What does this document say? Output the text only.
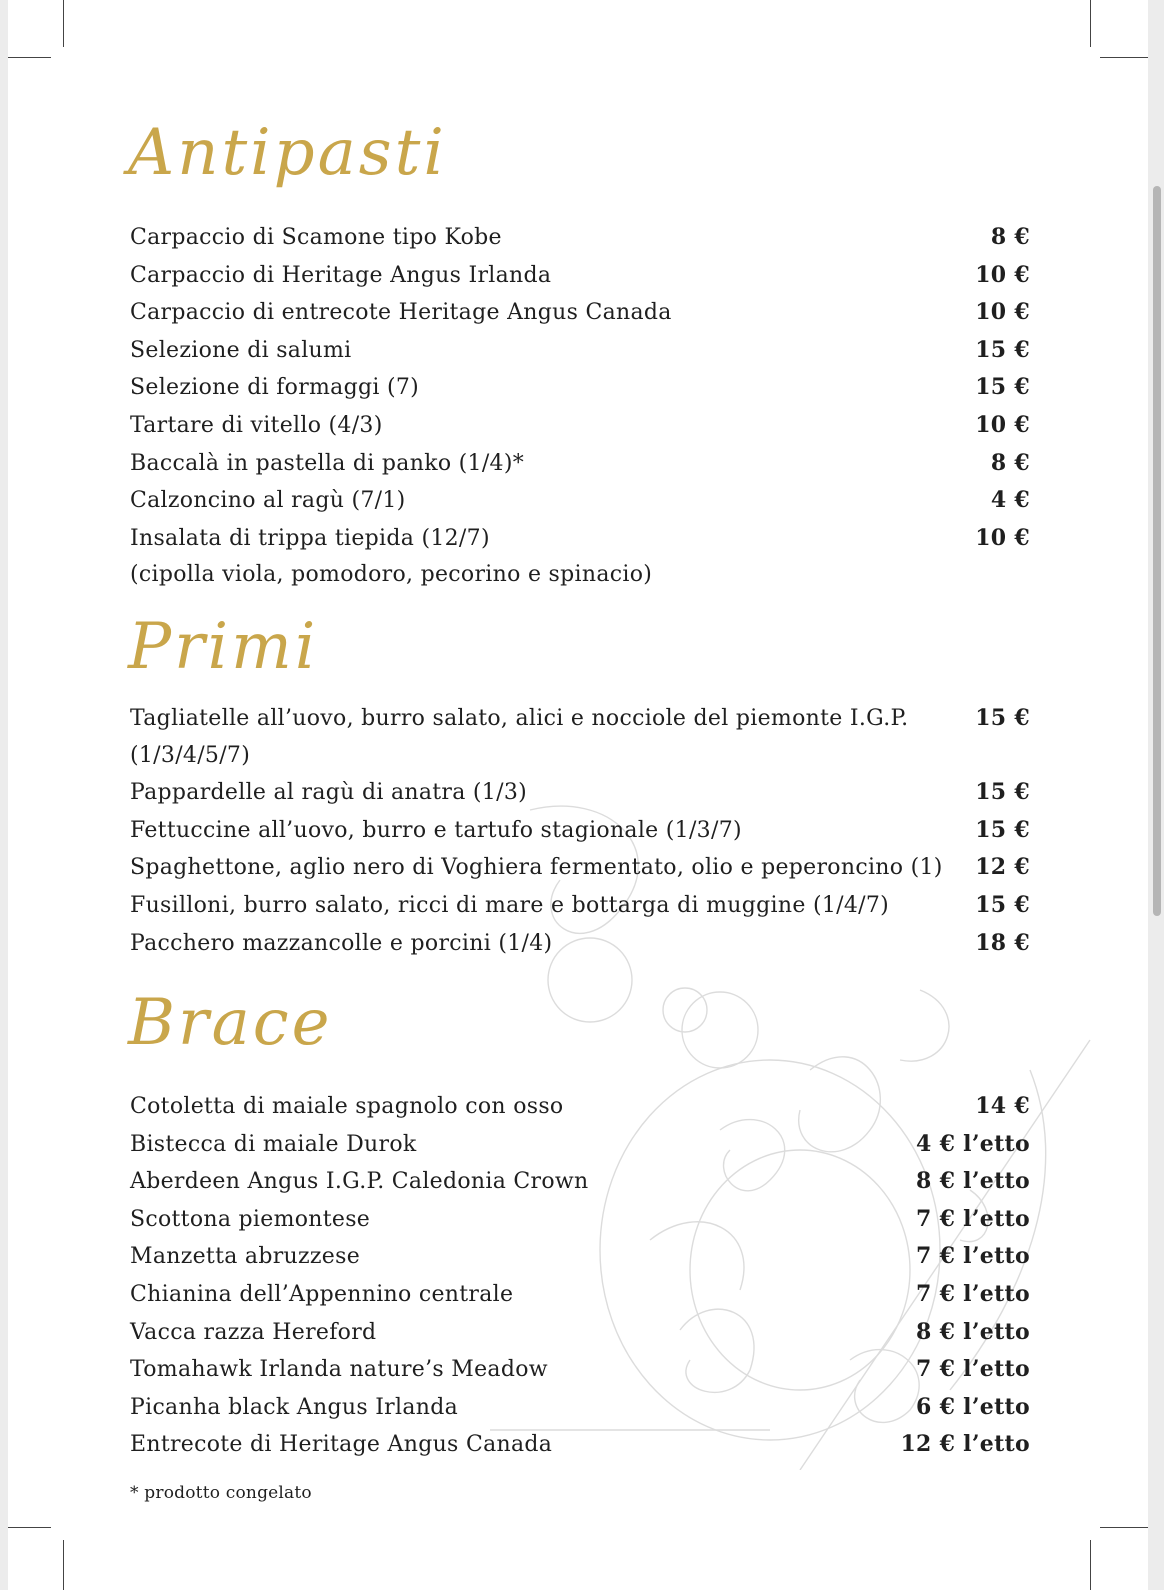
Antipasti
Carpaccio di Scamone tipo Kobe	8 €
Carpaccio di Heritage Angus Irlanda	10 €
Carpaccio di entrecote Heritage Angus Canada	10 €
Selezione di salumi	15 €
Selezione di formaggi (7)	15 €
Tartare di vitello (4/3)	10 €
Baccalà in pastella di panko (1/4)*	8 €
Calzoncino al ragù (7/1)	4 €
Insalata di trippa tiepida (12/7)	10 €
(cipolla viola, pomodoro, pecorino e spinacio)
Primi
Tagliatelle all’uovo, burro salato, alici e nocciole del piemonte I.G.P.	15 €
(1/3/4/5/7)
Pappardelle al ragù di anatra (1/3)	15 €
Fettuccine all’uovo, burro e tartufo stagionale (1/3/7)	15 €
Spaghettone, aglio nero di Voghiera fermentato, olio e peperoncino (1) 12 €
Fusilloni, burro salato, ricci di mare e bottarga di muggine (1/4/7)	15 €
Pacchero mazzancolle e porcini (1/4)	18 €
Brace
Cotoletta di maiale spagnolo con osso	14 €
Bistecca di maiale Durok	4 € l’etto
Aberdeen Angus I.G.P. Caledonia Crown	8 € l’etto
Scottona piemontese	7 € l’etto
Manzetta abruzzese	7 € l’etto
Chianina dell’Appennino centrale	7 € l’etto
Vacca razza Hereford	8 € l’etto
Tomahawk Irlanda nature’s Meadow	7 € l’etto
Picanha black Angus Irlanda	6 € l’etto
Entrecote di Heritage Angus Canada	12 € l’etto
* prodotto congelato
